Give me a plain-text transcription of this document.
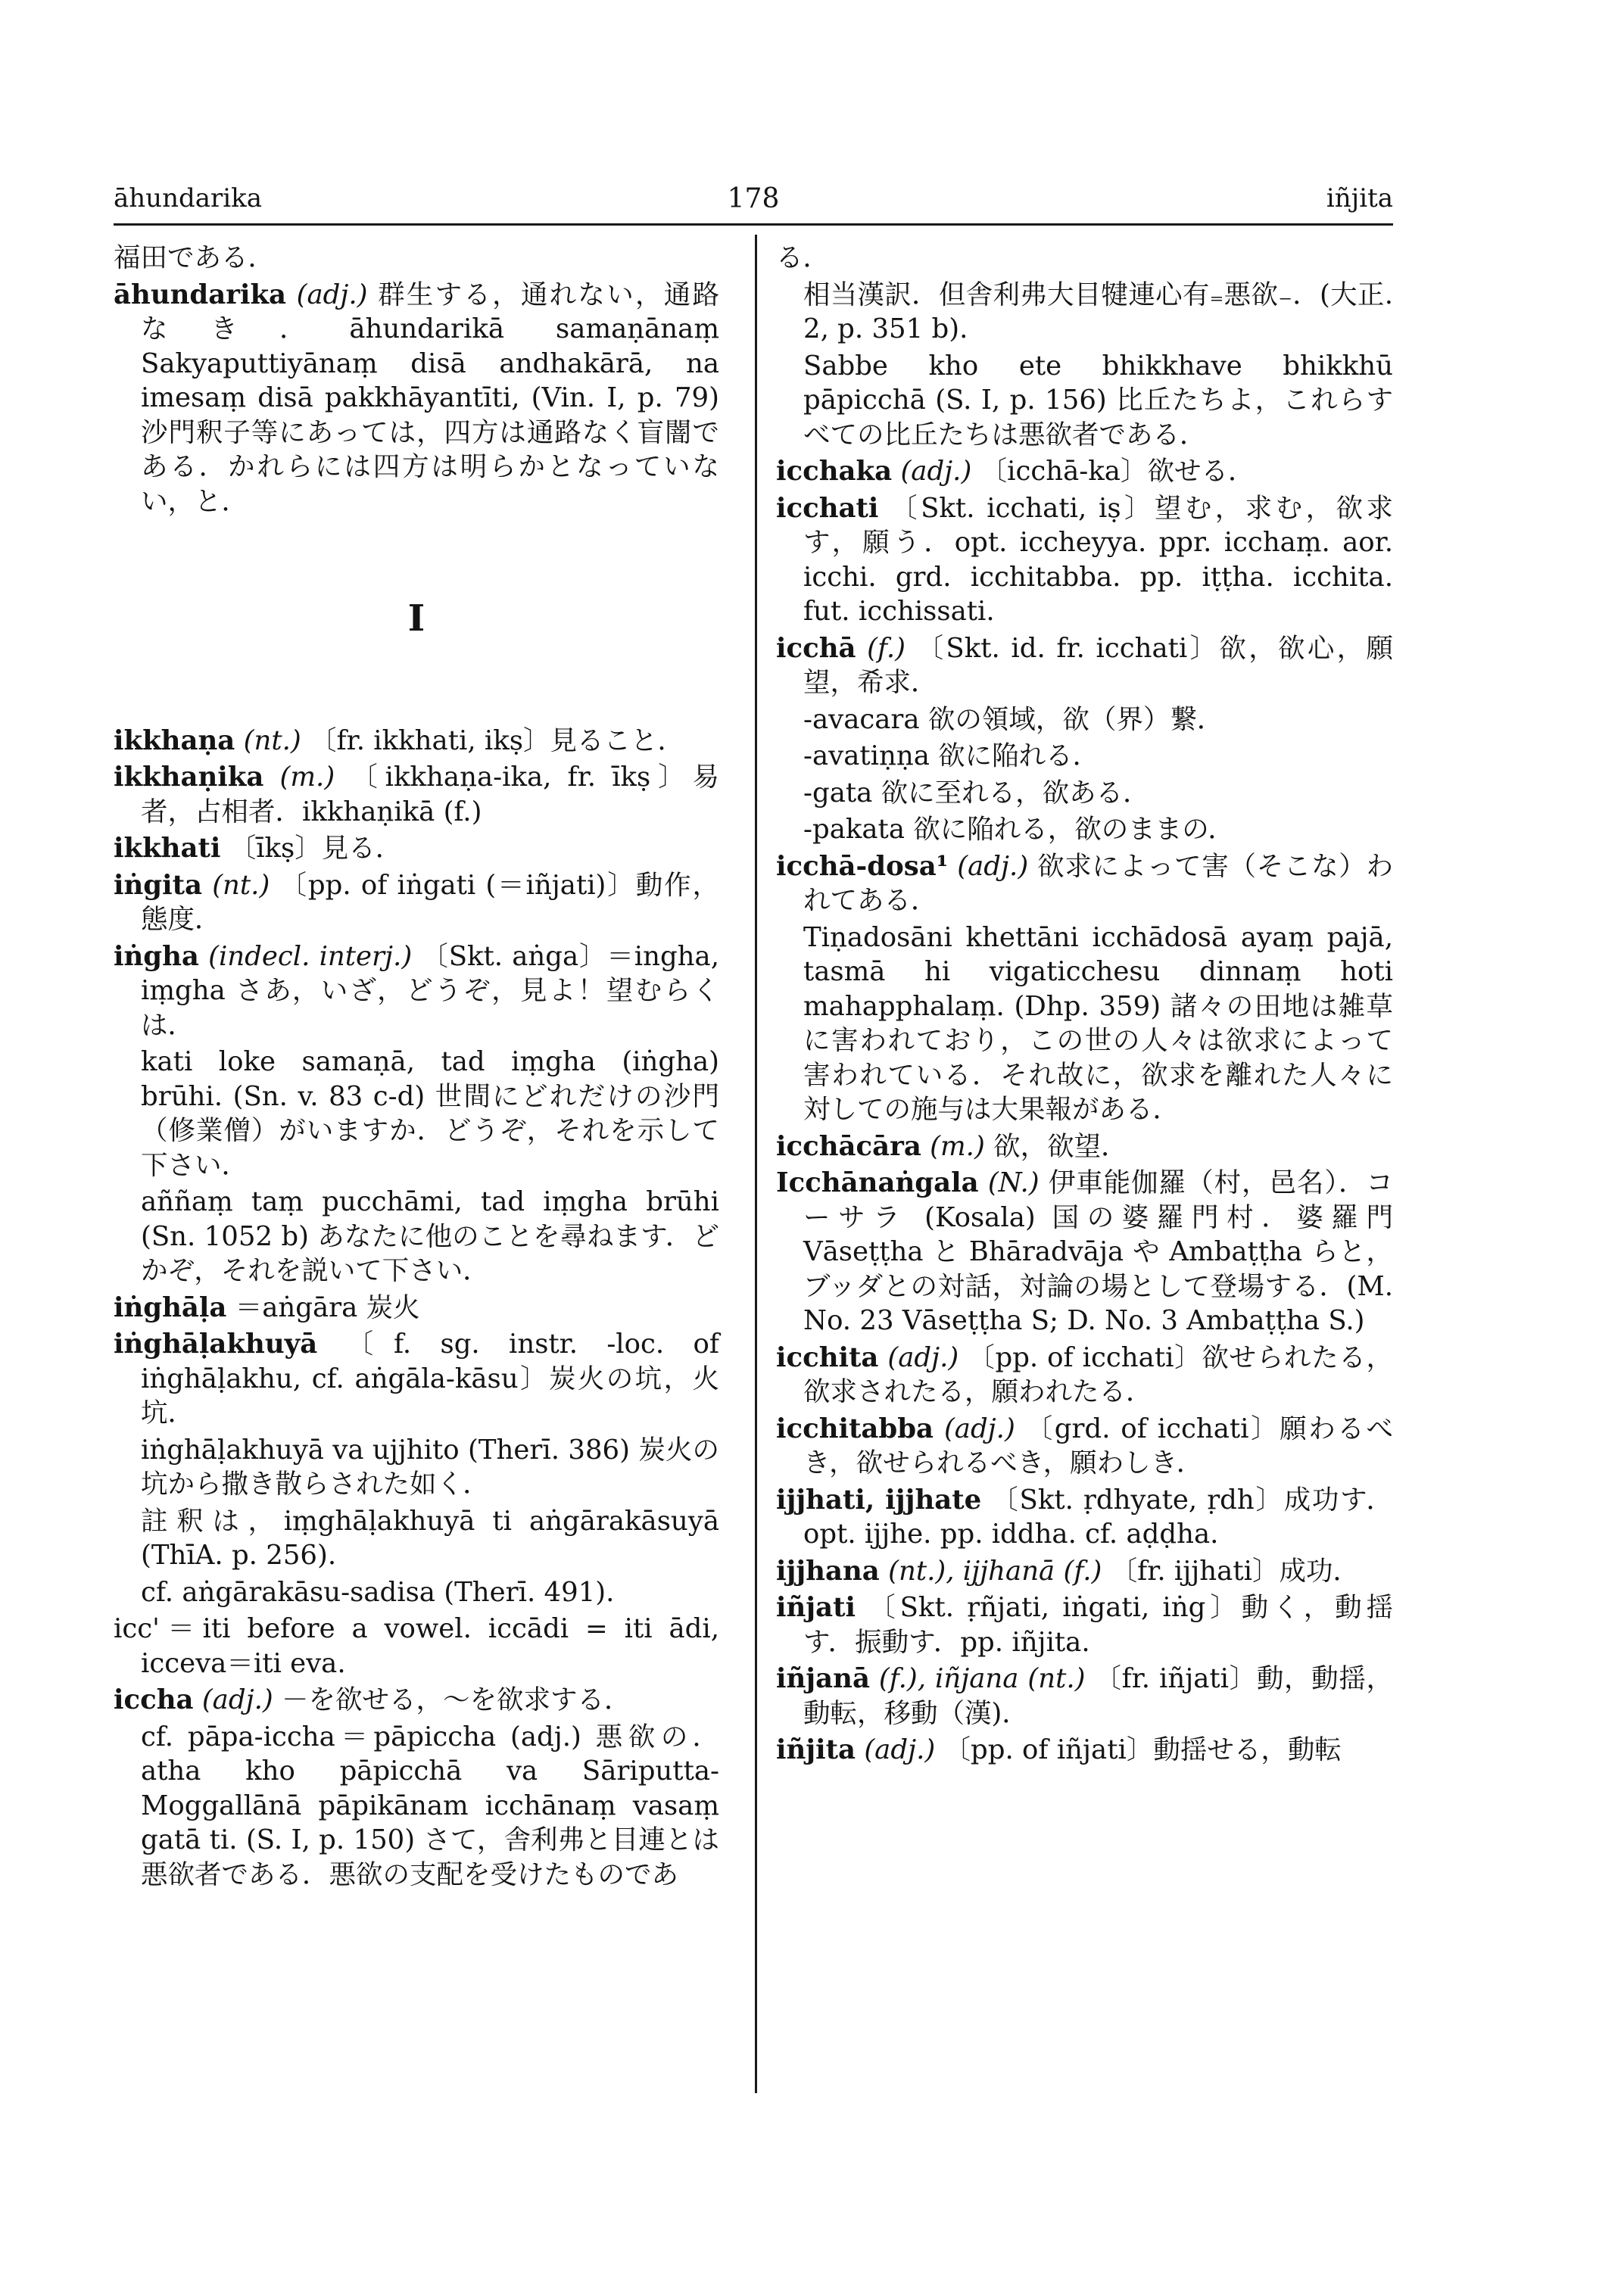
āhundarika	178	iñjita

福田である．

āhundarika (adj.) 群生する，通れない，通路なき．āhundarikā samaṇānaṃ Sakyaputtiyānaṃ disā andhakārā, na imesaṃ disā pakkhāyantīti, (Vin. I, p. 79) 沙門釈子等にあっては，四方は通路なく盲闇である．かれらには四方は明らかとなっていない，と．

I

ikkhaṇa (nt.) 〔fr. ikkhati, ikṣ〕見ること．

ikkhaṇika (m.) 〔ikkhaṇa-ika, fr. īkṣ〕易者，占相者．ikkhaṇikā (f.)

ikkhati 〔īkṣ〕見る．

iṅgita (nt.) 〔pp. of iṅgati (＝iñjati)〕動作，態度．

iṅgha (indecl. interj.) 〔Skt. aṅga〕＝ingha, iṃgha さあ，いざ，どうぞ，見よ！望むらくは．

kati loke samaṇā, tad iṃgha (iṅgha) brūhi. (Sn. v. 83 c-d) 世間にどれだけの沙門（修業僧）がいますか．どうぞ，それを示して下さい．

aññaṃ taṃ pucchāmi, tad iṃgha brūhi (Sn. 1052 b) あなたに他のことを尋ねます．どかぞ，それを説いて下さい．

iṅghāḷa ＝aṅgāra 炭火

iṅghāḷakhuyā 〔f. sg. instr. -loc. of iṅghāḷakhu, cf. aṅgāla-kāsu〕炭火の坑，火坑．

iṅghāḷakhuyā va ujjhito (Therī. 386) 炭火の坑から撒き散らされた如く．

註釈は，iṃghāḷakhuyā ti aṅgārakāsuyā (ThīA. p. 256).

cf. aṅgārakāsu-sadisa (Therī. 491).

icc'＝iti before a vowel. iccādi = iti ādi, icceva＝iti eva.

iccha (adj.) －を欲せる，～を欲求する．

cf. pāpa-iccha＝pāpiccha (adj.) 悪欲の．atha kho pāpicchā va Sāriputta-Moggallānā pāpikānam icchānaṃ vasaṃ gatā ti. (S. I, p. 150) さて，舎利弗と目連とは悪欲者である．悪欲の支配を受けたものであ

る．

相当漢訳．但舎利弗大目犍連心有₌悪欲₋．(大正. 2, p. 351 b).

Sabbe kho ete bhikkhave bhikkhū pāpicchā (S. I, p. 156) 比丘たちよ，これらすべての比丘たちは悪欲者である．

icchaka (adj.) 〔icchā-ka〕欲せる．

icchati 〔Skt. icchati, iṣ〕望む，求む，欲求す，願う．opt. iccheyya. ppr. icchaṃ. aor. icchi. grd. icchitabba. pp. iṭṭha. icchita. fut. icchissati.

icchā (f.) 〔Skt. id. fr. icchati〕欲，欲心，願望，希求．

-avacara 欲の領域，欲（界）繋．

-avatiṇṇa 欲に陥れる．

-gata 欲に至れる，欲ある．

-pakata 欲に陥れる，欲のままの．

icchā-dosa¹ (adj.) 欲求によって害（そこな）われてある．

Tiṇadosāni khettāni icchādosā ayaṃ pajā, tasmā hi vigaticchesu dinnaṃ hoti mahapphalaṃ. (Dhp. 359) 諸々の田地は雑草に害われており，この世の人々は欲求によって害われている．それ故に，欲求を離れた人々に対しての施与は大果報がある．

icchācāra (m.) 欲，欲望．

Icchānaṅgala (N.) 伊車能伽羅（村，邑名）．コーサラ (Kosala) 国の婆羅門村．婆羅門 Vāseṭṭha と Bhāradvāja や Ambaṭṭha らと，ブッダとの対話，対論の場として登場する．(M. No. 23 Vāseṭṭha S; D. No. 3 Ambaṭṭha S.)

icchita (adj.) 〔pp. of icchati〕欲せられたる，欲求されたる，願われたる．

icchitabba (adj.) 〔grd. of icchati〕願わるべき，欲せられるべき，願わしき．

ijjhati, ijjhate 〔Skt. ṛdhyate, ṛdh〕成功す．opt. ijjhe. pp. iddha. cf. aḍḍha.

ijjhana (nt.), ijjhanā (f.) 〔fr. ijjhati〕成功．

iñjati 〔Skt. ṛñjati, iṅgati, iṅg〕動く，動揺す．振動す．pp. iñjita.

iñjanā (f.), iñjana (nt.) 〔fr. iñjati〕動，動揺，動転，移動（漢)．

iñjita (adj.) 〔pp. of iñjati〕動揺せる，動転
